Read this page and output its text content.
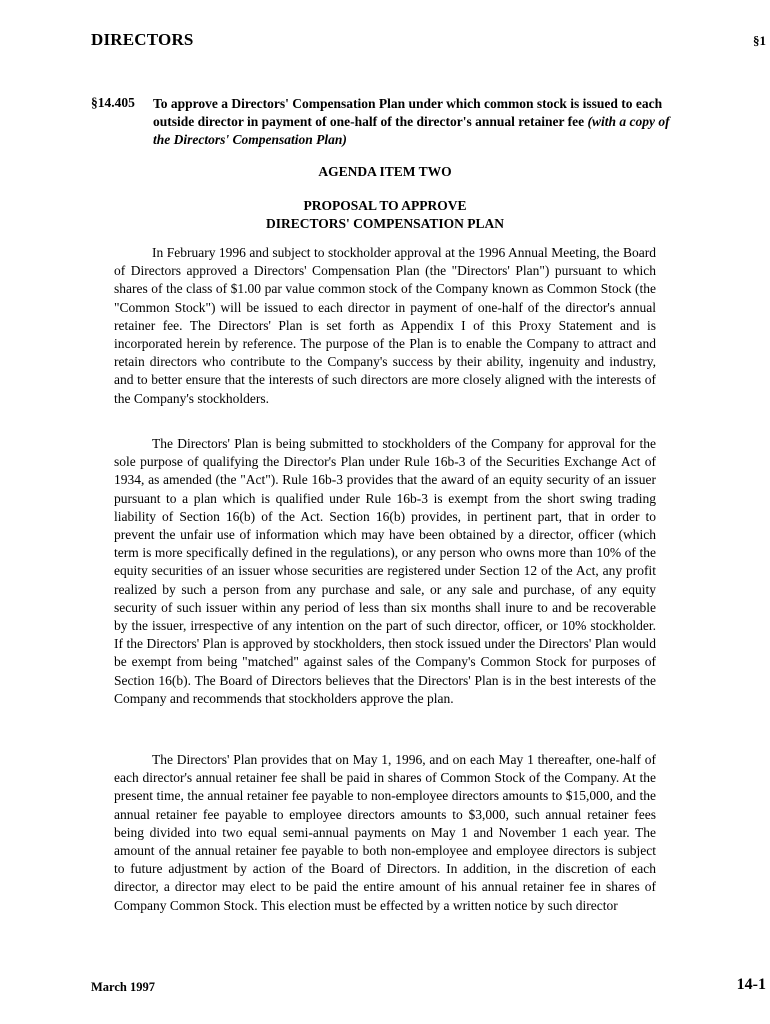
DIRECTORS	§1
§14.405 To approve a Directors' Compensation Plan under which common stock is issued to each outside director in payment of one-half of the director's annual retainer fee (with a copy of the Directors' Compensation Plan)
AGENDA ITEM TWO
PROPOSAL TO APPROVE
DIRECTORS' COMPENSATION PLAN

In February 1996 and subject to stockholder approval at the 1996 Annual Meeting, the Board of Directors approved a Directors' Compensation Plan (the "Directors' Plan") pursuant to which shares of the class of $1.00 par value common stock of the Company known as Common Stock (the "Common Stock") will be issued to each director in payment of one-half of the director's annual retainer fee. The Directors' Plan is set forth as Appendix I of this Proxy Statement and is incorporated herein by reference. The purpose of the Plan is to enable the Company to attract and retain directors who contribute to the Company's success by their ability, ingenuity and industry, and to better ensure that the interests of such directors are more closely aligned with the interests of the Company's stockholders.

The Directors' Plan is being submitted to stockholders of the Company for approval for the sole purpose of qualifying the Director's Plan under Rule 16b-3 of the Securities Exchange Act of 1934, as amended (the "Act"). Rule 16b-3 provides that the award of an equity security of an issuer pursuant to a plan which is qualified under Rule 16b-3 is exempt from the short swing trading liability of Section 16(b) of the Act. Section 16(b) provides, in pertinent part, that in order to prevent the unfair use of information which may have been obtained by a director, officer (which term is more specifically defined in the regulations), or any person who owns more than 10% of the equity securities of an issuer whose securities are registered under Section 12 of the Act, any profit realized by such a person from any purchase and sale, or any sale and purchase, of any equity security of such issuer within any period of less than six months shall inure to and be recoverable by the issuer, irrespective of any intention on the part of such director, officer, or 10% stockholder. If the Directors' Plan is approved by stockholders, then stock issued under the Directors' Plan would be exempt from being "matched" against sales of the Company's Common Stock for purposes of Section 16(b). The Board of Directors believes that the Directors' Plan is in the best interests of the Company and recommends that stockholders approve the plan.

The Directors' Plan provides that on May 1, 1996, and on each May 1 thereafter, one-half of each director's annual retainer fee shall be paid in shares of Common Stock of the Company. At the present time, the annual retainer fee payable to non-employee directors amounts to $15,000, and the annual retainer fee payable to employee directors amounts to $3,000, such annual retainer fees being divided into two equal semi-annual payments on May 1 and November 1 each year. The amount of the annual retainer fee payable to both non-employee and employee directors is subject to future adjustment by action of the Board of Directors. In addition, in the discretion of each director, a director may elect to be paid the entire amount of his annual retainer fee in shares of Company Common Stock. This election must be effected by a written notice by such director

March 1997	14-1
